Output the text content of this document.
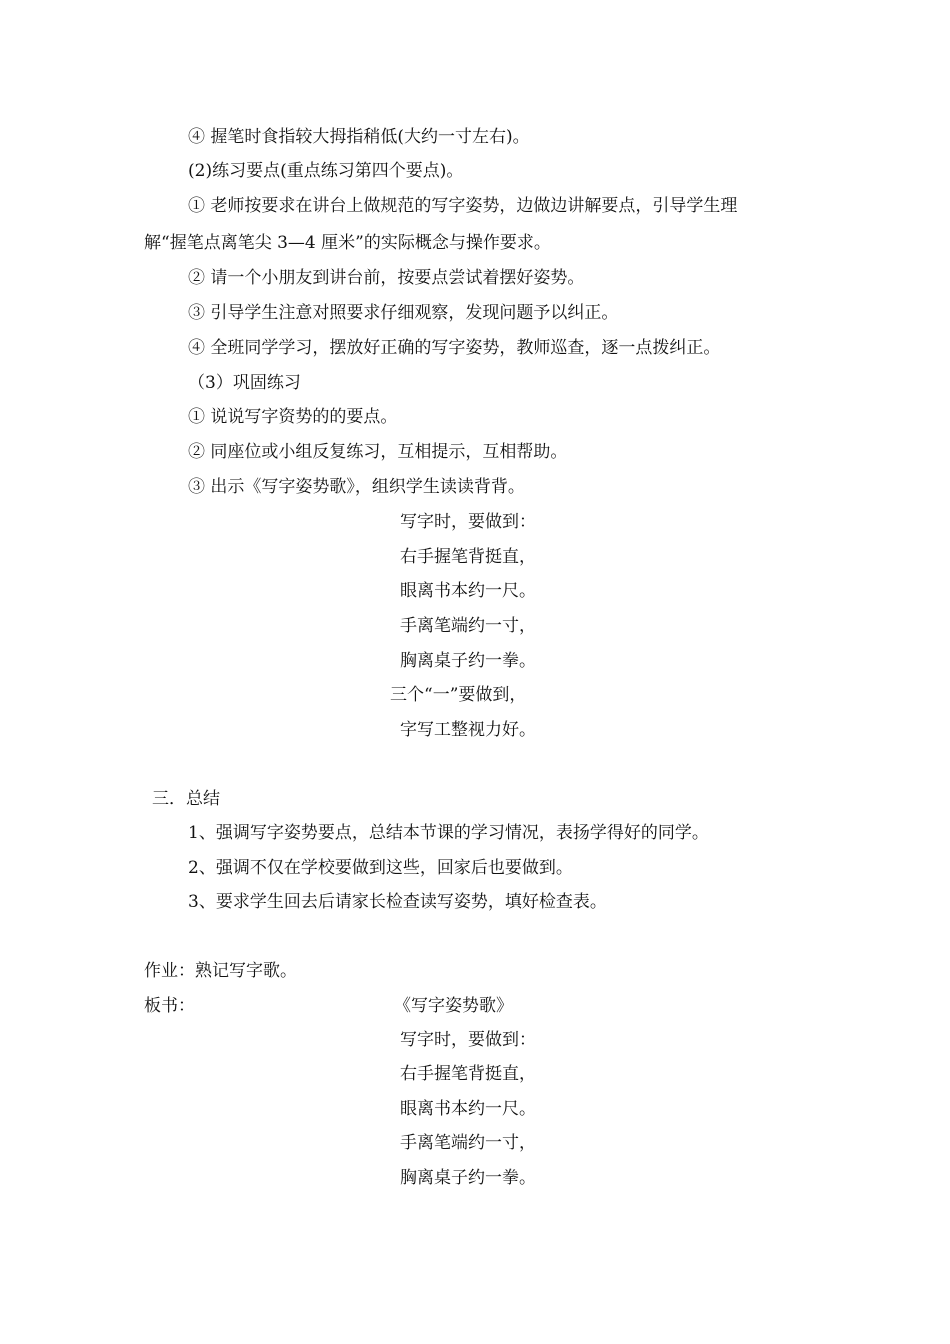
④ 握笔时食指较大拇指稍低(大约一寸左右)。
(2)练习要点(重点练习第四个要点)。
① 老师按要求在讲台上做规范的写字姿势，边做边讲解要点，引导学生理
解“握笔点离笔尖 3—4 厘米”的实际概念与操作要求。
② 请一个小朋友到讲台前，按要点尝试着摆好姿势。
③ 引导学生注意对照要求仔细观察，发现问题予以纠正。
④ 全班同学学习，摆放好正确的写字姿势，教师巡查，逐一点拨纠正。
（3）巩固练习
① 说说写字资势的的要点。
② 同座位或小组反复练习，互相提示，互相帮助。
③ 出示《写字姿势歌》，组织学生读读背背。
写字时，要做到：
右手握笔背挺直，
眼离书本约一尺。
手离笔端约一寸，
胸离桌子约一拳。
三个“一”要做到，
字写工整视力好。
三．总结
1、强调写字姿势要点，总结本节课的学习情况，表扬学得好的同学。
2、强调不仅在学校要做到这些，回家后也要做到。
3、要求学生回去后请家长检查读写姿势，填好检查表。
作业：熟记写字歌。
板书：	《写字姿势歌》
写字时，要做到：
右手握笔背挺直，
眼离书本约一尺。
手离笔端约一寸，
胸离桌子约一拳。
